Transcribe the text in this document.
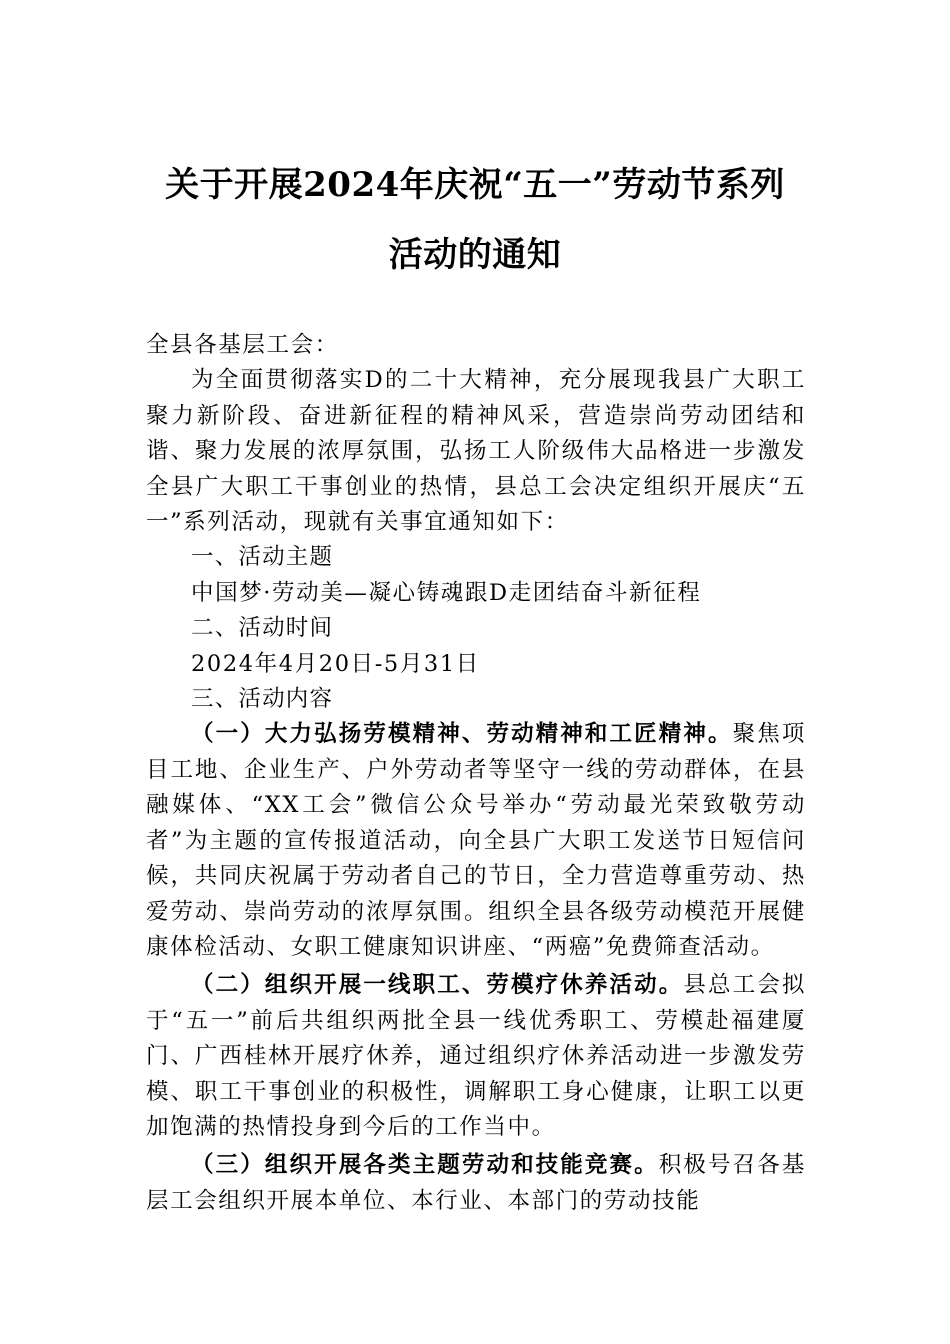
关于开展2024年庆祝“五一”劳动节系列
活动的通知

全县各基层工会：

为全面贯彻落实D的二十大精神，充分展现我县广大职工聚力新阶段、奋进新征程的精神风采，营造崇尚劳动团结和谐、聚力发展的浓厚氛围，弘扬工人阶级伟大品格进一步激发全县广大职工干事创业的热情，县总工会决定组织开展庆“五一”系列活动，现就有关事宜通知如下：

一、活动主题

中国梦·劳动美—凝心铸魂跟D走团结奋斗新征程

二、活动时间

2024年4月20日-5月31日

三、活动内容

（一）大力弘扬劳模精神、劳动精神和工匠精神。聚焦项目工地、企业生产、户外劳动者等坚守一线的劳动群体，在县融媒体、“XX工会”微信公众号举办“劳动最光荣致敬劳动者”为主题的宣传报道活动，向全县广大职工发送节日短信问候，共同庆祝属于劳动者自己的节日，全力营造尊重劳动、热爱劳动、崇尚劳动的浓厚氛围。组织全县各级劳动模范开展健康体检活动、女职工健康知识讲座、“两癌”免费筛查活动。

（二）组织开展一线职工、劳模疗休养活动。县总工会拟于“五一”前后共组织两批全县一线优秀职工、劳模赴福建厦门、广西桂林开展疗休养，通过组织疗休养活动进一步激发劳模、职工干事创业的积极性，调解职工身心健康，让职工以更加饱满的热情投身到今后的工作当中。

（三）组织开展各类主题劳动和技能竞赛。积极号召各基层工会组织开展本单位、本行业、本部门的劳动技能
